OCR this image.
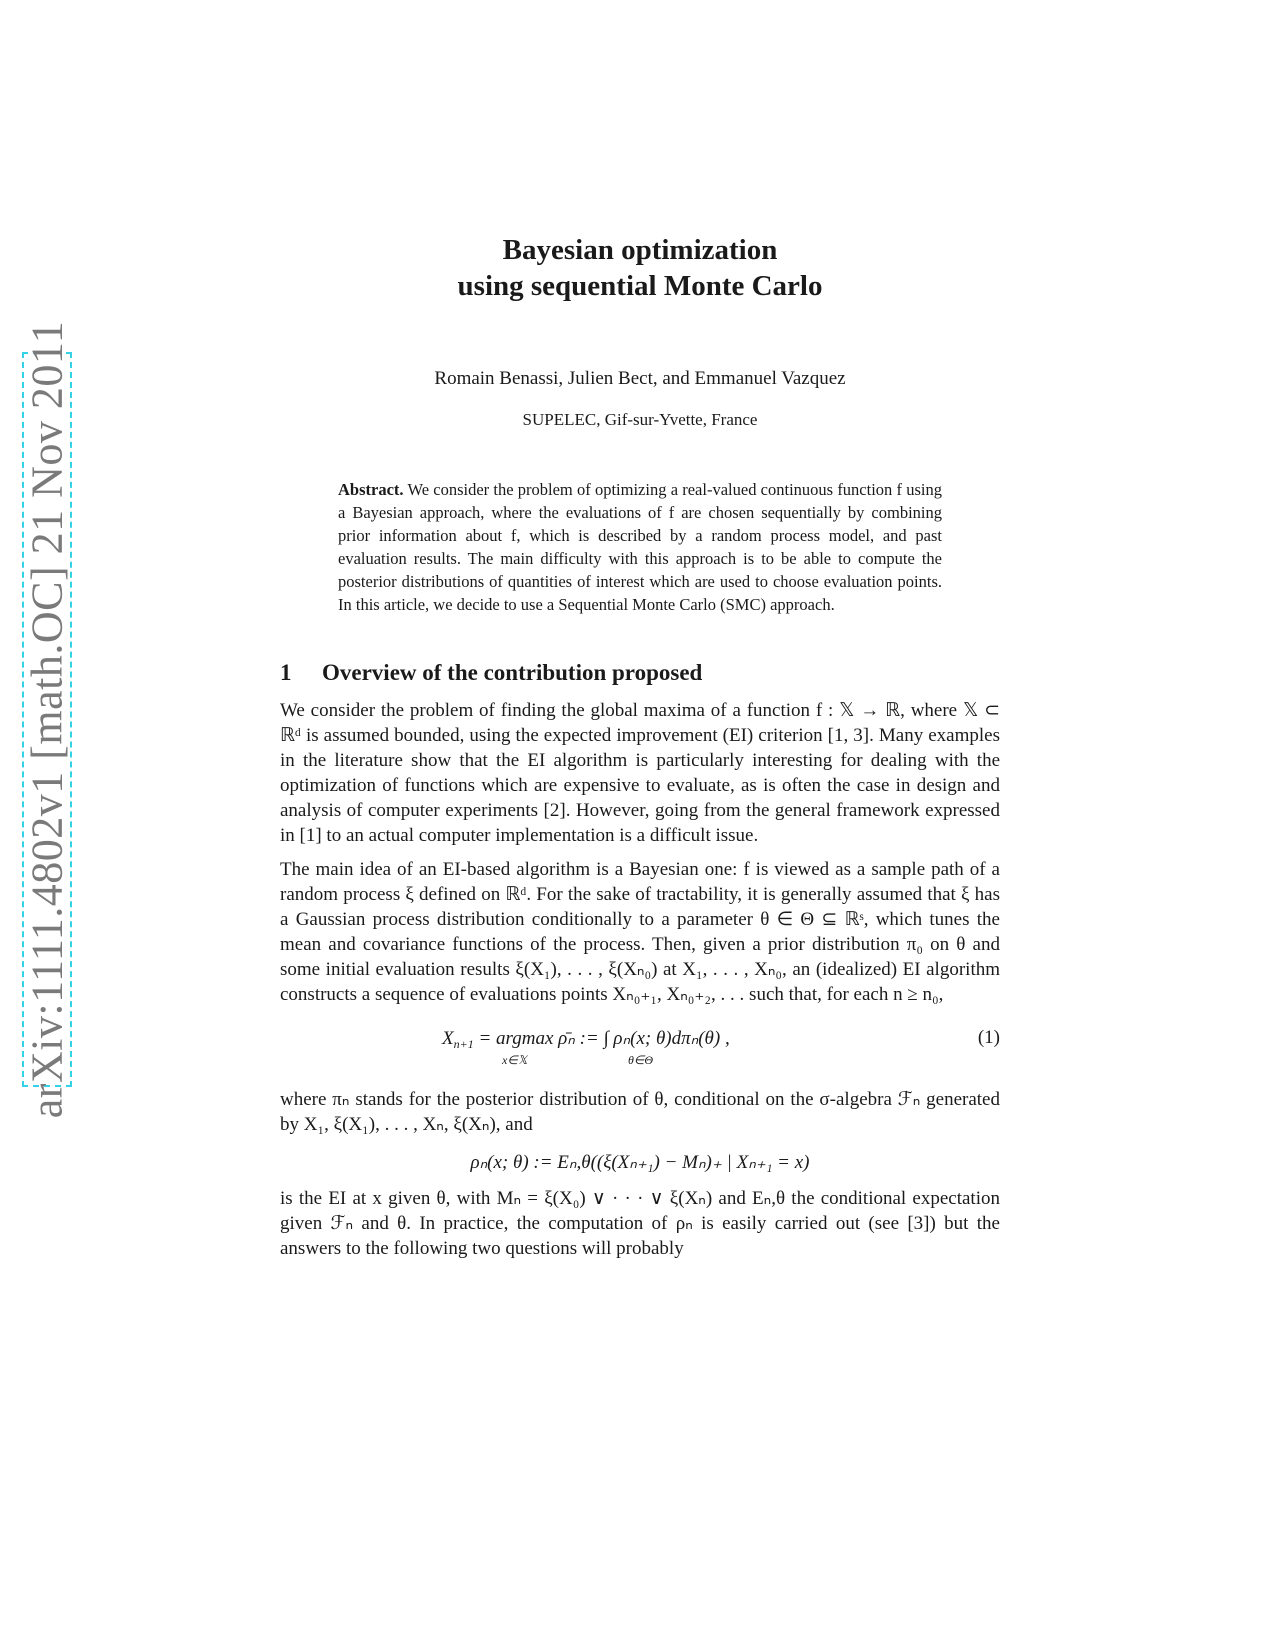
arXiv:1111.4802v1 [math.OC] 21 Nov 2011
Bayesian optimization
using sequential Monte Carlo
Romain Benassi, Julien Bect, and Emmanuel Vazquez
SUPELEC, Gif-sur-Yvette, France
Abstract. We consider the problem of optimizing a real-valued continuous function f using a Bayesian approach, where the evaluations of f are chosen sequentially by combining prior information about f, which is described by a random process model, and past evaluation results. The main difficulty with this approach is to be able to compute the posterior distributions of quantities of interest which are used to choose evaluation points. In this article, we decide to use a Sequential Monte Carlo (SMC) approach.
1 Overview of the contribution proposed

We consider the problem of finding the global maxima of a function f : 𝕏 → ℝ, where 𝕏 ⊂ ℝᵈ is assumed bounded, using the expected improvement (EI) criterion [1, 3]. Many examples in the literature show that the EI algorithm is particularly interesting for dealing with the optimization of functions which are expensive to evaluate, as is often the case in design and analysis of computer experiments [2]. However, going from the general framework expressed in [1] to an actual computer implementation is a difficult issue.

The main idea of an EI-based algorithm is a Bayesian one: f is viewed as a sample path of a random process ξ defined on ℝᵈ. For the sake of tractability, it is generally assumed that ξ has a Gaussian process distribution conditionally to a parameter θ ∈ Θ ⊆ ℝˢ, which tunes the mean and covariance functions of the process. Then, given a prior distribution π₀ on θ and some initial evaluation results ξ(X₁), . . . , ξ(Xₙ₀) at X₁, . . . , Xₙ₀, an (idealized) EI algorithm constructs a sequence of evaluations points Xₙ₀₊₁, Xₙ₀₊₂, . . . such that, for each n ≥ n₀,

$X_{n+1} = argmax$ ρ̄ₙ := ∫ ρₙ(x; θ)dπₙ(θ) ,
x∈𝕏	θ∈Θ
(1)

where πₙ stands for the posterior distribution of θ, conditional on the σ-algebra ℱₙ generated by X₁, ξ(X₁), . . . , Xₙ, ξ(Xₙ), and

ρₙ(x; θ) := Eₙ,θ((ξ(Xₙ₊₁) − Mₙ)₊ | Xₙ₊₁ = x)

is the EI at x given θ, with Mₙ = ξ(X₀) ∨ · · · ∨ ξ(Xₙ) and Eₙ,θ the conditional expectation given ℱₙ and θ. In practice, the computation of ρₙ is easily carried out (see [3]) but the answers to the following two questions will probably
